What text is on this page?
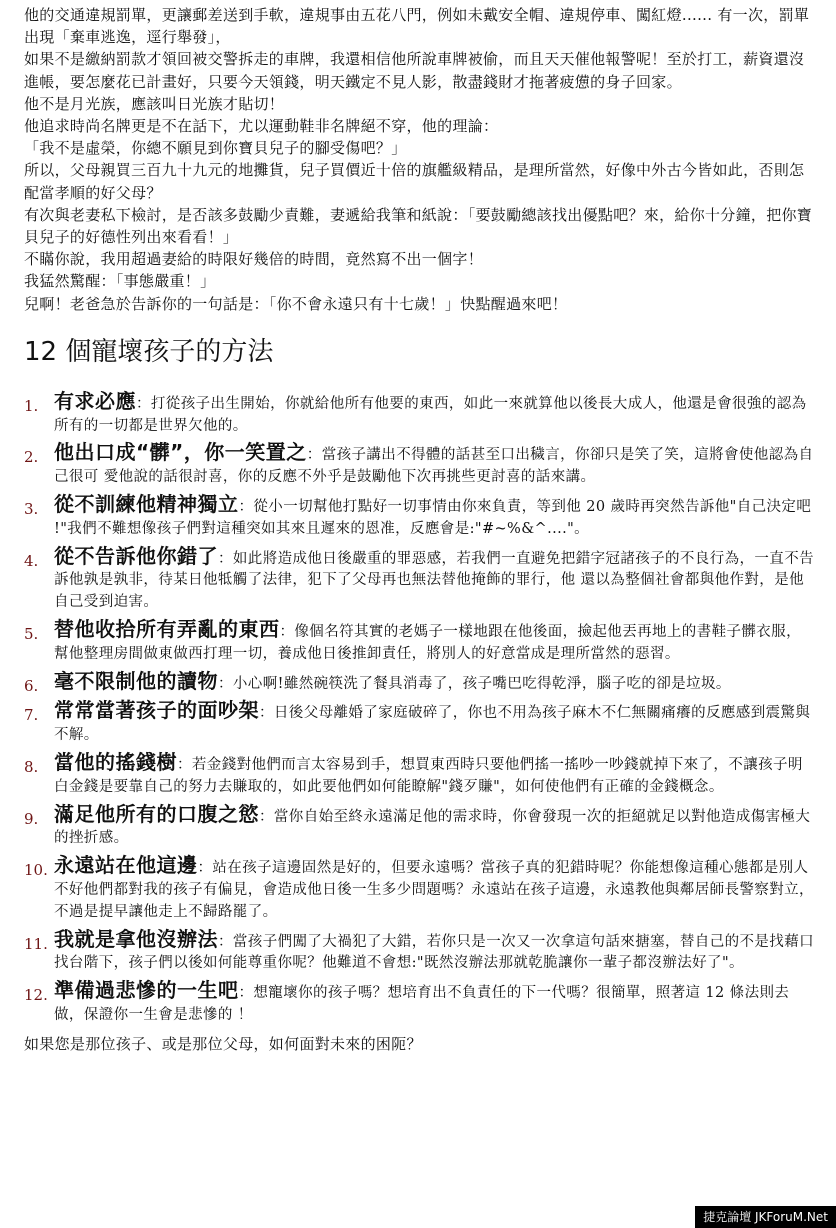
他的交通違規罰單，更讓郵差送到手軟，違規事由五花八門，例如未戴安全帽、違規停車、闖紅燈...... 有一次，罰單出現「棄車逃逸，逕行舉發」，

如果不是繳納罰款才領回被交警拆走的車牌，我還相信他所說車牌被偷，而且天天催他報警呢！至於打工，薪資還沒進帳，要怎麼花已計畫好，只要今天領錢，明天鐵定不見人影，散盡錢財才拖著疲憊的身子回家。

他不是月光族，應該叫日光族才貼切！

他追求時尚名牌更是不在話下，尤以運動鞋非名牌絕不穿，他的理論：

「我不是虛榮，你總不願見到你寶貝兒子的腳受傷吧？」

所以，父母親買三百九十九元的地攤貨，兒子買價近十倍的旗艦級精品，是理所當然，好像中外古今皆如此，否則怎配當孝順的好父母？

有次與老妻私下檢討，是否該多鼓勵少責難，妻遞給我筆和紙說：「要鼓勵總該找出優點吧？來，給你十分鐘，把你寶貝兒子的好德性列出來看看！」

不瞞你說，我用超過妻給的時限好幾倍的時間，竟然寫不出一個字！

我猛然驚醒：「事態嚴重！」

兒啊！老爸急於告訴你的一句話是：「你不會永遠只有十七歲！」快點醒過來吧！

12 個寵壞孩子的方法
1. 有求必應：打從孩子出生開始，你就給他所有他要的東西，如此一來就算他以後長大成人，他還是會很強的認為所有的一切都是世界欠他的。
2. 他出口成“髒”，你一笑置之：當孩子講出不得體的話甚至口出穢言，你卻只是笑了笑，這將會使他認為自己很可 愛他說的話很討喜，你的反應不外乎是鼓勵他下次再挑些更討喜的話來講。
3. 從不訓練他精神獨立：從小一切幫他打點好一切事情由你來負責，等到他 20 歲時再突然告訴他"自己決定吧 !"我們不難想像孩子們對這種突如其來且遲來的恩准，反應會是:"#~%&^...."。
4. 從不告訴他你錯了：如此將造成他日後嚴重的罪惡感，若我們一直避免把錯字冠諸孩子的不良行為，一直不告訴他孰是孰非，待某日他牴觸了法律，犯下了父母再也無法替他掩飾的罪行，他 還以為整個社會都與他作對，是他自己受到迫害。
5. 替他收拾所有弄亂的東西：像個名符其實的老媽子一樣地跟在他後面，撿起他丟再地上的書鞋子髒衣服，幫他整理房間做東做西打理一切，養成他日後推卸責任，將別人的好意當成是理所當然的惡習。
6. 毫不限制他的讀物：小心啊!雖然碗筷洗了餐具消毒了，孩子嘴巴吃得乾淨，腦子吃的卻是垃圾。
7. 常常當著孩子的面吵架：日後父母離婚了家庭破碎了，你也不用為孩子麻木不仁無關痛癢的反應感到震驚與不解。
8. 當他的搖錢樹：若金錢對他們而言太容易到手，想買東西時只要他們搖一搖吵一吵錢就掉下來了，不讓孩子明白金錢是要靠自己的努力去賺取的，如此要他們如何能瞭解"錢歹賺"，如何使他們有正確的金錢概念。
9. 滿足他所有的口腹之慾：當你自始至終永遠滿足他的需求時，你會發現一次的拒絕就足以對他造成傷害極大的挫折感。
10. 永遠站在他這邊：站在孩子這邊固然是好的，但要永遠嗎？當孩子真的犯錯時呢？你能想像這種心態都是別人不好他們都對我的孩子有偏見，會造成他日後一生多少問題嗎？永遠站在孩子這邊，永遠教他與鄰居師長警察對立，不過是提早讓他走上不歸路罷了。
11. 我就是拿他沒辦法：當孩子們闖了大禍犯了大錯，若你只是一次又一次拿這句話來搪塞，替自己的不是找藉口找台階下，孩子們以後如何能尊重你呢？他難道不會想:"既然沒辦法那就乾脆讓你一輩子都沒辦法好了"。
12. 準備過悲慘的一生吧：想寵壞你的孩子嗎？想培育出不負責任的下一代嗎？很簡單，照著這 12 條法則去做，保證你一生會是悲慘的 ！

如果您是那位孩子、或是那位父母，如何面對未來的困阨？

捷克論壇 JKForuM.Net
